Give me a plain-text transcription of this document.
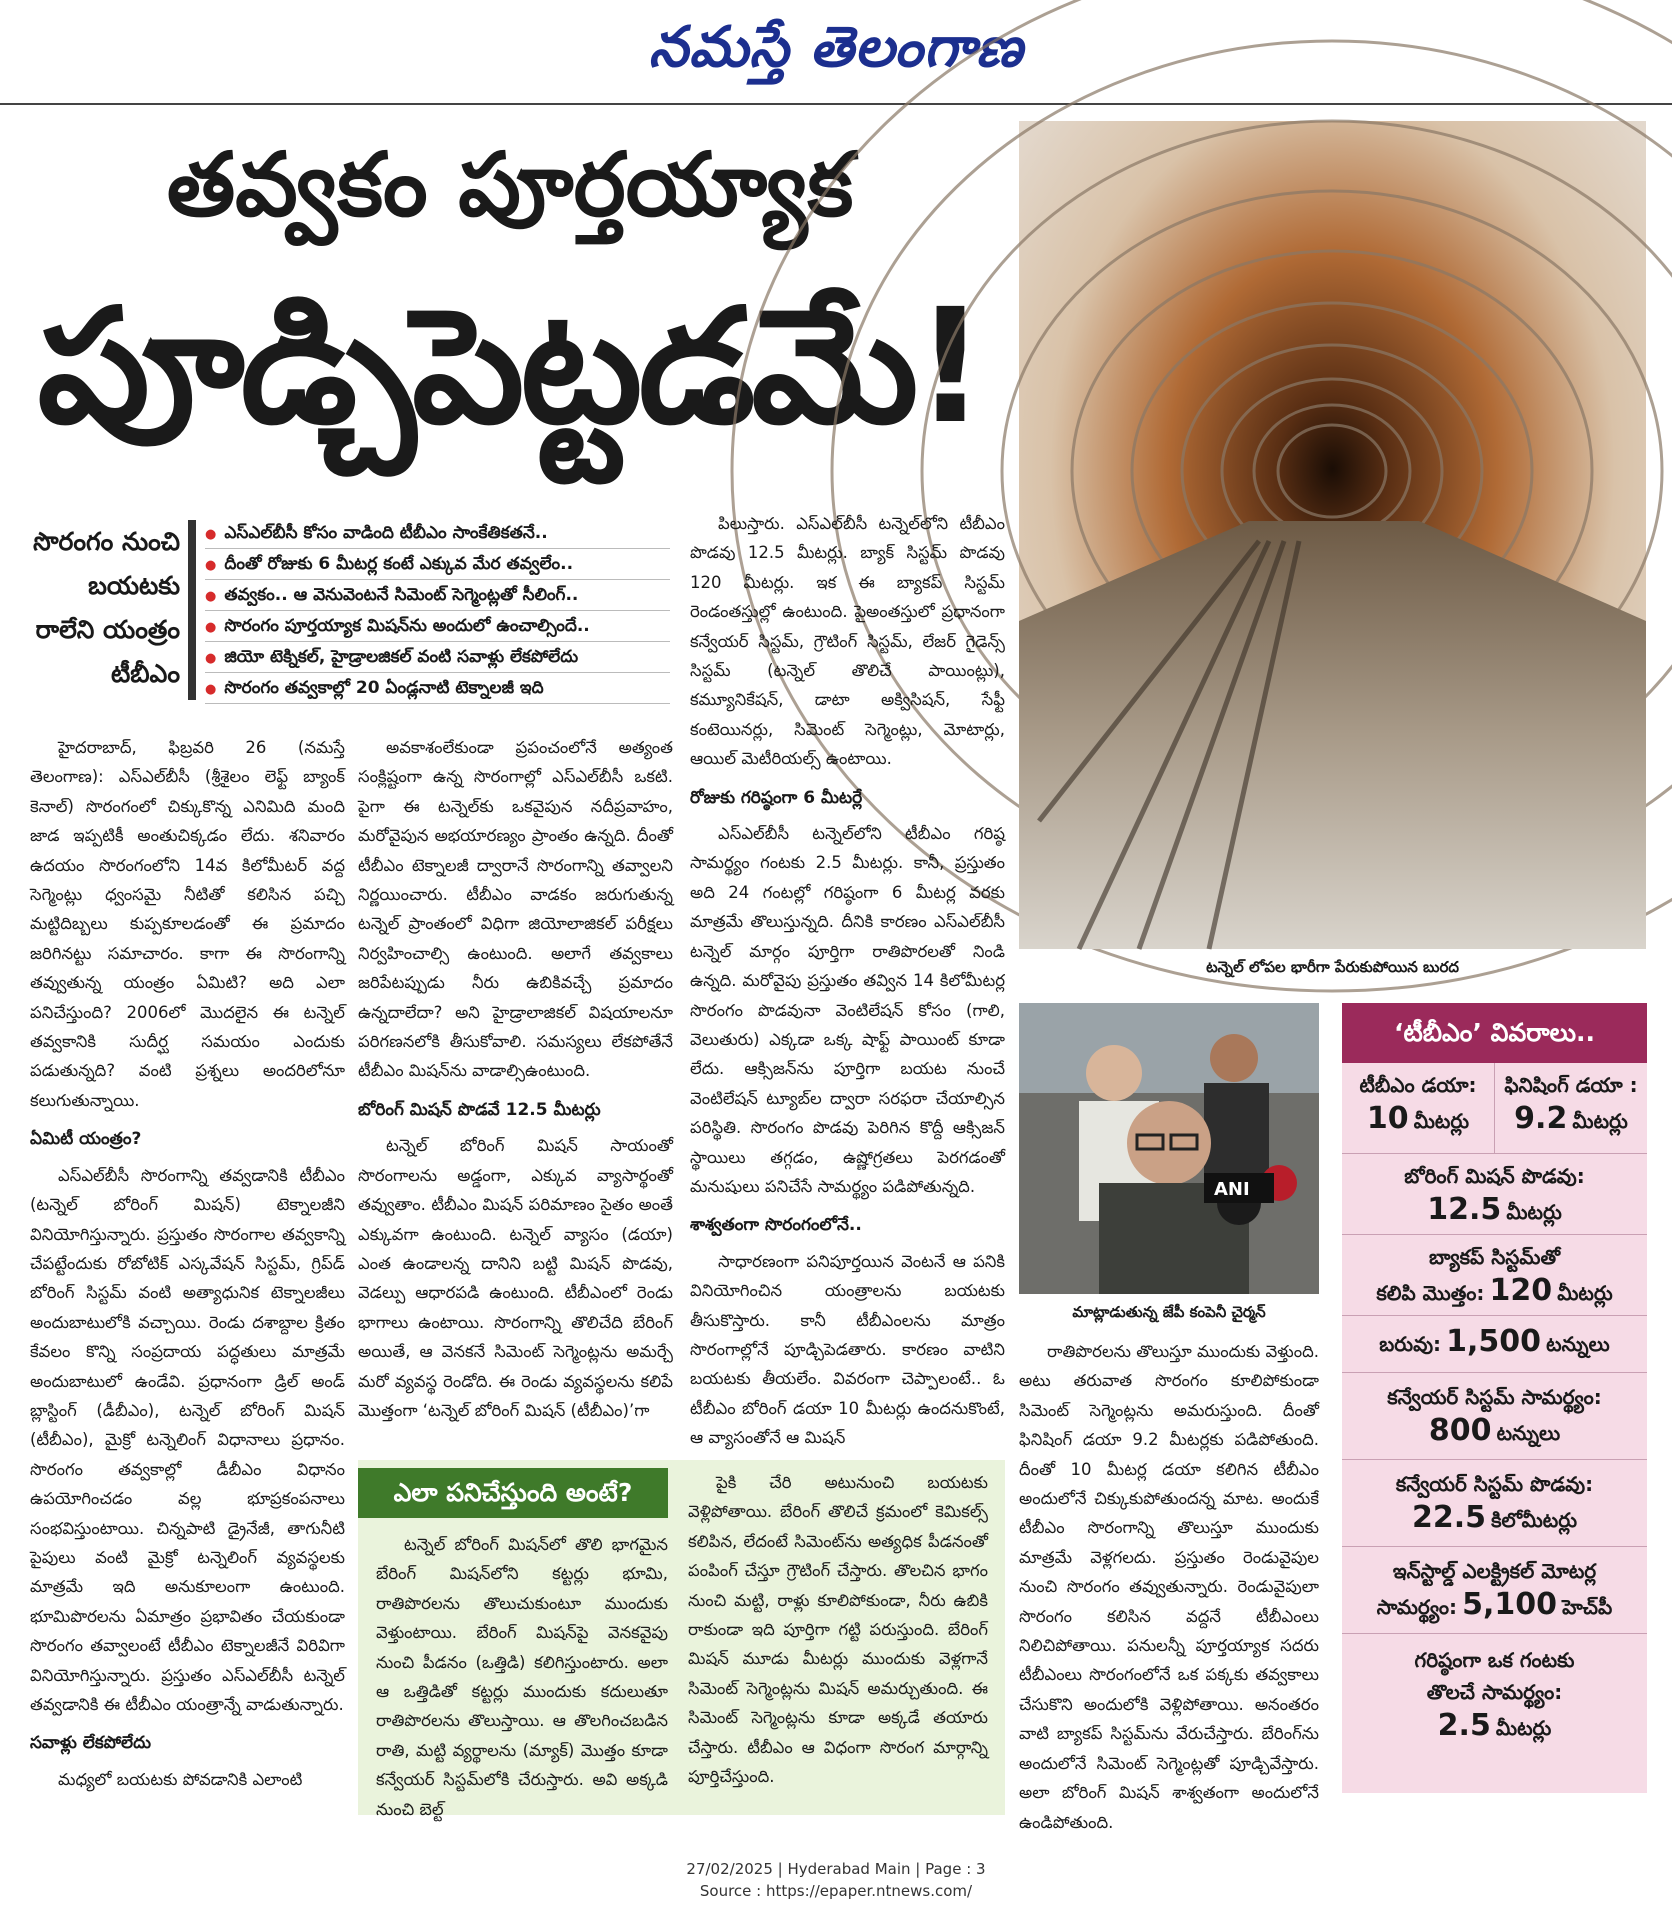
నమస్తే తెలంగాణ
తవ్వకం పూర్తయ్యాక
పూడ్చిపెట్టడమే!
టన్నెల్‌ లోపల భారీగా పేరుకుపోయిన బురద
సొరంగం నుంచి బయటకు రాలేని యంత్రం టీబీఎం
● ఎస్‌ఎల్‌బీసీ కోసం వాడింది టీబీఎం సాంకేతికతనే..
● దీంతో రోజుకు 6 మీటర్ల కంటే ఎక్కువ మేర తవ్వలేం..
● తవ్వకం.. ఆ వెనువెంటనే సిమెంట్‌ సెగ్మెంట్లతో సీలింగ్‌..
● సొరంగం పూర్తయ్యాక మిషన్‌ను అందులో ఉంచాల్సిందే..
● జియో టెక్నికల్‌, హైడ్రాలజికల్‌ వంటి సవాళ్లు లేకపోలేదు
● సొరంగం తవ్వకాల్లో 20 ఏండ్లనాటి టెక్నాలజీ ఇది

హైదరాబాద్‌, ఫిబ్రవరి 26 (నమస్తే తెలంగాణ): ఎస్‌ఎల్‌బీసీ (శ్రీశైలం లెఫ్ట్‌ బ్యాంక్‌ కెనాల్‌) సొరంగంలో చిక్కుకొన్న ఎనిమిది మంది జాడ ఇప్పటికీ అంతుచిక్కడం లేదు. శనివారం ఉదయం సొరంగంలోని 14వ కిలోమీటర్‌ వద్ద సెగ్మెంట్లు ధ్వంసమై నీటితో కలిసిన పచ్చి మట్టిదిబ్బలు కుప్పకూలడంతో ఈ ప్రమాదం జరిగినట్టు సమాచారం. కాగా ఈ సొరంగాన్ని తవ్వుతున్న యంత్రం ఏమిటి? అది ఎలా పనిచేస్తుంది? 2006లో మొదలైన ఈ టన్నెల్‌ తవ్వకానికి సుదీర్ఘ సమయం ఎందుకు పడుతున్నది? వంటి ప్రశ్నలు అందరిలోనూ కలుగుతున్నాయి.

ఏమిటీ యంత్రం?

ఎస్‌ఎల్‌బీసీ సొరంగాన్ని తవ్వడానికి టీబీఎం (టన్నెల్‌ బోరింగ్‌ మిషన్‌) టెక్నాలజీని వినియోగిస్తున్నారు. ప్రస్తుతం సొరంగాల తవ్వకాన్ని చేపట్టేందుకు రోబోటిక్‌ ఎస్కవేషన్‌ సిస్టమ్‌, గ్రిప్‌డ్‌ బోరింగ్‌ సిస్టమ్‌ వంటి అత్యాధునిక టెక్నాలజీలు అందుబాటులోకి వచ్చాయి. రెండు దశాబ్దాల క్రితం కేవలం కొన్ని సంప్రదాయ పద్ధతులు మాత్రమే అందుబాటులో ఉండేవి. ప్రధానంగా డ్రిల్‌ అండ్‌ బ్లాస్టింగ్‌ (డీబీఎం), టన్నెల్‌ బోరింగ్‌ మిషన్‌ (టీబీఎం), మైక్రో టన్నెలింగ్‌ విధానాలు ప్రధానం. సొరంగం తవ్వకాల్లో డీబీఎం విధానం ఉపయోగించడం వల్ల భూప్రకంపనాలు సంభవిస్తుంటాయి. చిన్నపాటి డ్రైనేజీ, తాగునీటి పైపులు వంటి మైక్రో టన్నెలింగ్‌ వ్యవస్థలకు మాత్రమే ఇది అనుకూలంగా ఉంటుంది. భూమిపొరలను ఏమాత్రం ప్రభావితం చేయకుండా సొరంగం తవ్వాలంటే టీబీఎం టెక్నాలజీనే విరివిగా వినియోగిస్తున్నారు. ప్రస్తుతం ఎస్‌ఎల్‌బీసీ టన్నెల్‌ తవ్వడానికి ఈ టీబీఎం యంత్రాన్నే వాడుతున్నారు.

సవాళ్లు లేకపోలేదు

మధ్యలో బయటకు పోవడానికి ఎలాంటి

అవకాశంలేకుండా ప్రపంచంలోనే అత్యంత సంక్లిష్టంగా ఉన్న సొరంగాల్లో ఎస్‌ఎల్‌బీసీ ఒకటి. పైగా ఈ టన్నెల్‌కు ఒకవైపున నదీప్రవాహం, మరోవైపున అభయారణ్యం ప్రాంతం ఉన్నది. దీంతో టీబీఎం టెక్నాలజీ ద్వారానే సొరంగాన్ని తవ్వాలని నిర్ణయించారు. టీబీఎం వాడకం జరుగుతున్న టన్నెల్‌ ప్రాంతంలో విధిగా జియోలాజికల్‌ పరీక్షలు నిర్వహించాల్సి ఉంటుంది. అలాగే తవ్వకాలు జరిపేటప్పుడు నీరు ఉబికివచ్చే ప్రమాదం ఉన్నదాలేదా? అని హైడ్రాలాజికల్‌ విషయాలనూ పరిగణనలోకి తీసుకోవాలి. సమస్యలు లేకపోతేనే టీబీఎం మిషన్‌ను వాడాల్సిఉంటుంది.

బోరింగ్‌ మిషన్‌ పొడవే 12.5 మీటర్లు

టన్నెల్‌ బోరింగ్‌ మిషన్‌ సాయంతో సొరంగాలను అడ్డంగా, ఎక్కువ వ్యాసార్థంతో తవ్వుతాం. టీబీఎం మిషన్‌ పరిమాణం సైతం అంతే ఎక్కువగా ఉంటుంది. టన్నెల్‌ వ్యాసం (డయా) ఎంత ఉండాలన్న దానిని బట్టి మిషన్‌ పొడవు, వెడల్పు ఆధారపడి ఉంటుంది. టీబీఎంలో రెండు భాగాలు ఉంటాయి. సొరంగాన్ని తొలిచేది బేరింగ్‌ అయితే, ఆ వెనకనే సిమెంట్‌ సెగ్మెంట్లను అమర్చే మరో వ్యవస్థ రెండోది. ఈ రెండు వ్యవస్థలను కలిపే మొత్తంగా ‘టన్నెల్‌ బోరింగ్‌ మిషన్‌ (టీబీఎం)’గా

పిలుస్తారు. ఎస్‌ఎల్‌బీసీ టన్నెల్‌లోని టీబీఎం పొడవు 12.5 మీటర్లు. బ్యాక్‌ సిస్టమ్‌ పొడవు 120 మీటర్లు. ఇక ఈ బ్యాకప్‌ సిస్టమ్‌ రెండంతస్తుల్లో ఉంటుంది. పైఅంతస్తులో ప్రధానంగా కన్వేయర్‌ సిస్టమ్‌, గ్రౌటింగ్‌ సిస్టమ్‌, లేజర్‌ గైడెన్స్‌ సిస్టమ్‌ (టన్నెల్‌ తొలిచే పాయింట్లు), కమ్యూనికేషన్‌, డాటా అక్విసిషన్‌, సేఫ్టీ కంటెయినర్లు, సిమెంట్‌ సెగ్మెంట్లు, మోటార్లు, ఆయిల్‌ మెటీరియల్స్‌ ఉంటాయి.

రోజుకు గరిష్ఠంగా 6 మీటర్లే

ఎస్‌ఎల్‌బీసీ టన్నెల్‌లోని టీబీఎం గరిష్ఠ సామర్థ్యం గంటకు 2.5 మీటర్లు. కానీ, ప్రస్తుతం అది 24 గంటల్లో గరిష్ఠంగా 6 మీటర్ల వరకు మాత్రమే తొలుస్తున్నది. దీనికి కారణం ఎస్‌ఎల్‌బీసీ టన్నెల్‌ మార్గం పూర్తిగా రాతిపొరలతో నిండి ఉన్నది. మరోవైపు ప్రస్తుతం తవ్విన 14 కిలోమీటర్ల సొరంగం పొడవునా వెంటిలేషన్‌ కోసం (గాలి, వెలుతురు) ఎక్కడా ఒక్క షాఫ్ట్‌ పాయింట్‌ కూడా లేదు. ఆక్సిజన్‌ను పూర్తిగా బయట నుంచే వెంటిలేషన్‌ ట్యూబ్‌ల ద్వారా సరఫరా చేయాల్సిన పరిస్థితి. సొరంగం పొడవు పెరిగిన కొద్దీ ఆక్సిజన్‌ స్థాయిలు తగ్గడం, ఉష్ణోగ్రతలు పెరగడంతో మనుషులు పనిచేసే సామర్థ్యం పడిపోతున్నది.

శాశ్వతంగా సొరంగంలోనే..

సాధారణంగా పనిపూర్తయిన వెంటనే ఆ పనికి వినియోగించిన యంత్రాలను బయటకు తీసుకొస్తారు. కానీ టీబీఎంలను మాత్రం సొరంగాల్లోనే పూడ్చిపెడతారు. కారణం వాటిని బయటకు తీయలేం. వివరంగా చెప్పాలంటే.. ఓ టీబీఎం బోరింగ్‌ డయా 10 మీటర్లు ఉందనుకొంటే, ఆ వ్యాసంతోనే ఆ మిషన్‌

ఎలా పనిచేస్తుంది అంటే?

టన్నెల్‌ బోరింగ్‌ మిషన్‌లో తొలి భాగమైన బేరింగ్‌ మిషన్‌లోని కట్టర్లు భూమి, రాతిపొరలను తొలుచుకుంటూ ముందుకు వెళ్తుంటాయి. బేరింగ్‌ మిషన్‌పై వెనకవైపు నుంచి పీడనం (ఒత్తిడి) కలిగిస్తుంటారు. అలా ఆ ఒత్తిడితో కట్టర్లు ముందుకు కదులుతూ రాతిపొరలను తొలుస్తాయి. ఆ తొలగించబడిన రాతి, మట్టి వ్యర్థాలను (మ్యాక్‌) మొత్తం కూడా కన్వేయర్‌ సిస్టమ్‌లోకి చేరుస్తారు. అవి అక్కడి నుంచి బెల్ట్‌

పైకి చేరి అటునుంచి బయటకు వెళ్లిపోతాయి. బేరింగ్‌ తొలిచే క్రమంలో కెమికల్స్‌ కలిపిన, లేదంటే సిమెంట్‌ను అత్యధిక పీడనంతో పంపింగ్‌ చేస్తూ గ్రౌటింగ్‌ చేస్తారు. తొలచిన భాగం నుంచి మట్టి, రాళ్లు కూలిపోకుండా, నీరు ఉబికి రాకుండా ఇది పూర్తిగా గట్టి పరుస్తుంది. బేరింగ్‌ మిషన్‌ మూడు మీటర్లు ముందుకు వెళ్లగానే సిమెంట్‌ సెగ్మెంట్లను మిషన్‌ అమర్చుతుంది. ఈ సిమెంట్‌ సెగ్మెంట్లను కూడా అక్కడే తయారు చేస్తారు. టీబీఎం ఆ విధంగా సొరంగ మార్గాన్ని పూర్తిచేస్తుంది.

ANI
మాట్లాడుతున్న జేపీ కంపెనీ చైర్మన్‌

రాతిపొరలను తొలుస్తూ ముందుకు వెళ్తుంది. అటు తరువాత సొరంగం కూలిపోకుండా సిమెంట్‌ సెగ్మెంట్లను అమరుస్తుంది. దీంతో ఫినిషింగ్‌ డయా 9.2 మీటర్లకు పడిపోతుంది. దీంతో 10 మీటర్ల డయా కలిగిన టీబీఎం అందులోనే చిక్కుకుపోతుందన్న మాట. అందుకే టీబీఎం సొరంగాన్ని తొలుస్తూ ముందుకు మాత్రమే వెళ్లగలదు. ప్రస్తుతం రెండువైపుల నుంచి సొరంగం తవ్వుతున్నారు. రెండువైపులా సొరంగం కలిసిన వద్దనే టీబీఎంలు నిలిచిపోతాయి. పనులన్నీ పూర్తయ్యాక సదరు టీబీఎంలు సొరంగంలోనే ఒక పక్కకు తవ్వకాలు చేసుకొని అందులోకి వెళ్లిపోతాయి. అనంతరం వాటి బ్యాకప్‌ సిస్టమ్‌ను వేరుచేస్తారు. బేరింగ్‌ను అందులోనే సిమెంట్‌ సెగ్మెంట్లతో పూడ్చివేస్తారు. అలా బోరింగ్‌ మిషన్‌ శాశ్వతంగా అందులోనే ఉండిపోతుంది.

‘టీబీఎం’ వివరాలు..
టీబీఎం డయా:
10 మీటర్లు
ఫినిషింగ్‌ డయా :
9.2 మీటర్లు
బోరింగ్‌ మిషన్‌ పొడవు:
12.5 మీటర్లు
బ్యాకప్‌ సిస్టమ్‌తో
కలిపి మొత్తం: 120 మీటర్లు
బరువు: 1,500 టన్నులు
కన్వేయర్‌ సిస్టమ్‌ సామర్థ్యం:
800 టన్నులు
కన్వేయర్‌ సిస్టమ్‌ పొడవు:
22.5 కిలోమీటర్లు
ఇన్‌స్టాల్డ్‌ ఎలక్ట్రికల్‌ మోటర్ల
సామర్థ్యం: 5,100 హెచ్‌పీ
గరిష్ఠంగా ఒక గంటకు
తొలచే సామర్థ్యం:
2.5 మీటర్లు
27/02/2025 | Hyderabad Main | Page : 3
Source : https://epaper.ntnews.com/
